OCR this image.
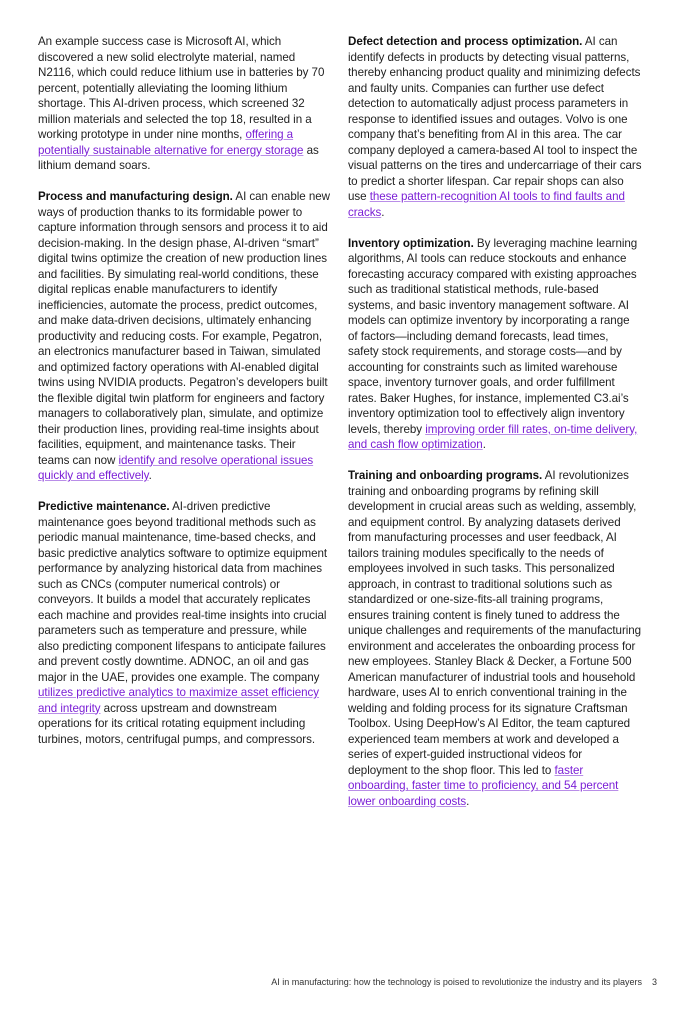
An example success case is Microsoft AI, which discovered a new solid electrolyte material, named N2116, which could reduce lithium use in batteries by 70 percent, potentially alleviating the looming lithium shortage. This AI-driven process, which screened 32 million materials and selected the top 18, resulted in a working prototype in under nine months, offering a potentially sustainable alternative for energy storage as lithium demand soars.

Process and manufacturing design. AI can enable new ways of production thanks to its formidable power to capture information through sensors and process it to aid decision-making. In the design phase, AI-driven “smart” digital twins optimize the creation of new production lines and facilities. By simulating real-world conditions, these digital replicas enable manufacturers to identify inefficiencies, automate the process, predict outcomes, and make data-driven decisions, ultimately enhancing productivity and reducing costs. For example, Pegatron, an electronics manufacturer based in Taiwan, simulated and optimized factory operations with AI-enabled digital twins using NVIDIA products. Pegatron’s developers built the flexible digital twin platform for engineers and factory managers to collaboratively plan, simulate, and optimize their production lines, providing real-time insights about facilities, equipment, and maintenance tasks. Their teams can now identify and resolve operational issues quickly and effectively.

Predictive maintenance. AI-driven predictive maintenance goes beyond traditional methods such as periodic manual maintenance, time-based checks, and basic predictive analytics software to optimize equipment performance by analyzing historical data from machines such as CNCs (computer numerical controls) or conveyors. It builds a model that accurately replicates each machine and provides real-time insights into crucial parameters such as temperature and pressure, while also predicting component lifespans to anticipate failures and prevent costly downtime. ADNOC, an oil and gas major in the UAE, provides one example. The company utilizes predictive analytics to maximize asset efficiency and integrity across upstream and downstream operations for its critical rotating equipment including turbines, motors, centrifugal pumps, and compressors.

Defect detection and process optimization. AI can identify defects in products by detecting visual patterns, thereby enhancing product quality and minimizing defects and faulty units. Companies can further use defect detection to automatically adjust process parameters in response to identified issues and outages. Volvo is one company that’s benefiting from AI in this area. The car company deployed a camera-based AI tool to inspect the visual patterns on the tires and undercarriage of their cars to predict a shorter lifespan. Car repair shops can also use these pattern-recognition AI tools to find faults and cracks.

Inventory optimization. By leveraging machine learning algorithms, AI tools can reduce stockouts and enhance forecasting accuracy compared with existing approaches such as traditional statistical methods, rule-based systems, and basic inventory management software. AI models can optimize inventory by incorporating a range of factors—including demand forecasts, lead times, safety stock requirements, and storage costs—and by accounting for constraints such as limited warehouse space, inventory turnover goals, and order fulfillment rates. Baker Hughes, for instance, implemented C3.ai’s inventory optimization tool to effectively align inventory levels, thereby improving order fill rates, on-time delivery, and cash flow optimization.

Training and onboarding programs. AI revolutionizes training and onboarding programs by refining skill development in crucial areas such as welding, assembly, and equipment control. By analyzing datasets derived from manufacturing processes and user feedback, AI tailors training modules specifically to the needs of employees involved in such tasks. This personalized approach, in contrast to traditional solutions such as standardized or one-size-fits-all training programs, ensures training content is finely tuned to address the unique challenges and requirements of the manufacturing environment and accelerates the onboarding process for new employees. Stanley Black & Decker, a Fortune 500 American manufacturer of industrial tools and household hardware, uses AI to enrich conventional training in the welding and folding process for its signature Craftsman Toolbox. Using DeepHow’s AI Editor, the team captured experienced team members at work and developed a series of expert-guided instructional videos for deployment to the shop floor. This led to faster onboarding, faster time to proficiency, and 54 percent lower onboarding costs.

AI in manufacturing: how the technology is poised to revolutionize the industry and its players 3
